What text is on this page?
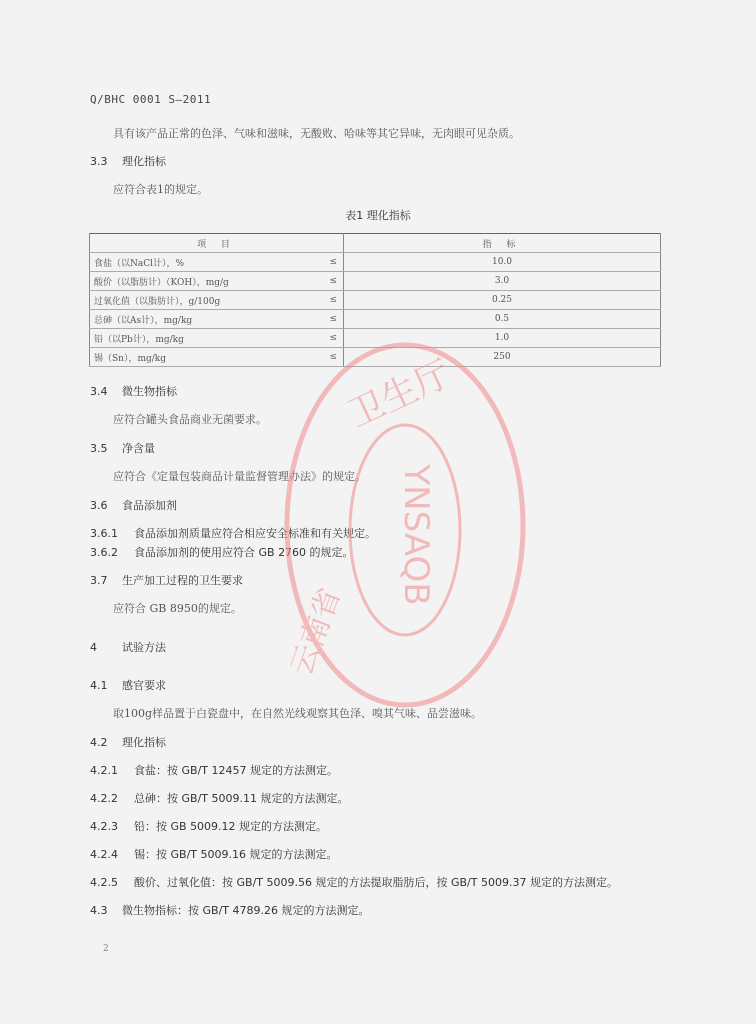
Q/BHC 0001 S—2011
具有该产品正常的色泽、气味和滋味，无酸败、哈味等其它异味，无肉眼可见杂质。
3.3 理化指标
应符合表1的规定。
表1 理化指标
项 目		指 标
食盐（以NaCl计），%	≤	10.0
酸价（以脂肪计）（KOH），mg/g	≤	3.0
过氧化值（以脂肪计），g/100g	≤	0.25
总砷（以As计），mg/kg	≤	0.5
铅（以Pb计），mg/kg	≤	1.0
锡（Sn），mg/kg	≤	250
3.4 微生物指标
应符合罐头食品商业无菌要求。
3.5 净含量
应符合《定量包装商品计量监督管理办法》的规定。
3.6 食品添加剂
3.6.1 食品添加剂质量应符合相应安全标准和有关规定。
3.6.2 食品添加剂的使用应符合 GB 2760 的规定。
3.7 生产加工过程的卫生要求
应符合 GB 8950的规定。
4 试验方法
4.1 感官要求
取100g样品置于白瓷盘中，在自然光线观察其色泽、嗅其气味、品尝滋味。
4.2 理化指标
4.2.1 食盐：按 GB/T 12457 规定的方法测定。
4.2.2 总砷：按 GB/T 5009.11 规定的方法测定。
4.2.3 铅：按 GB 5009.12 规定的方法测定。
4.2.4 锡：按 GB/T 5009.16 规定的方法测定。
4.2.5 酸价、过氧化值：按 GB/T 5009.56 规定的方法提取脂肪后，按 GB/T 5009.37 规定的方法测定。
4.3 微生物指标：按 GB/T 4789.26 规定的方法测定。
2
卫生厅
云南省
YNSAQB
